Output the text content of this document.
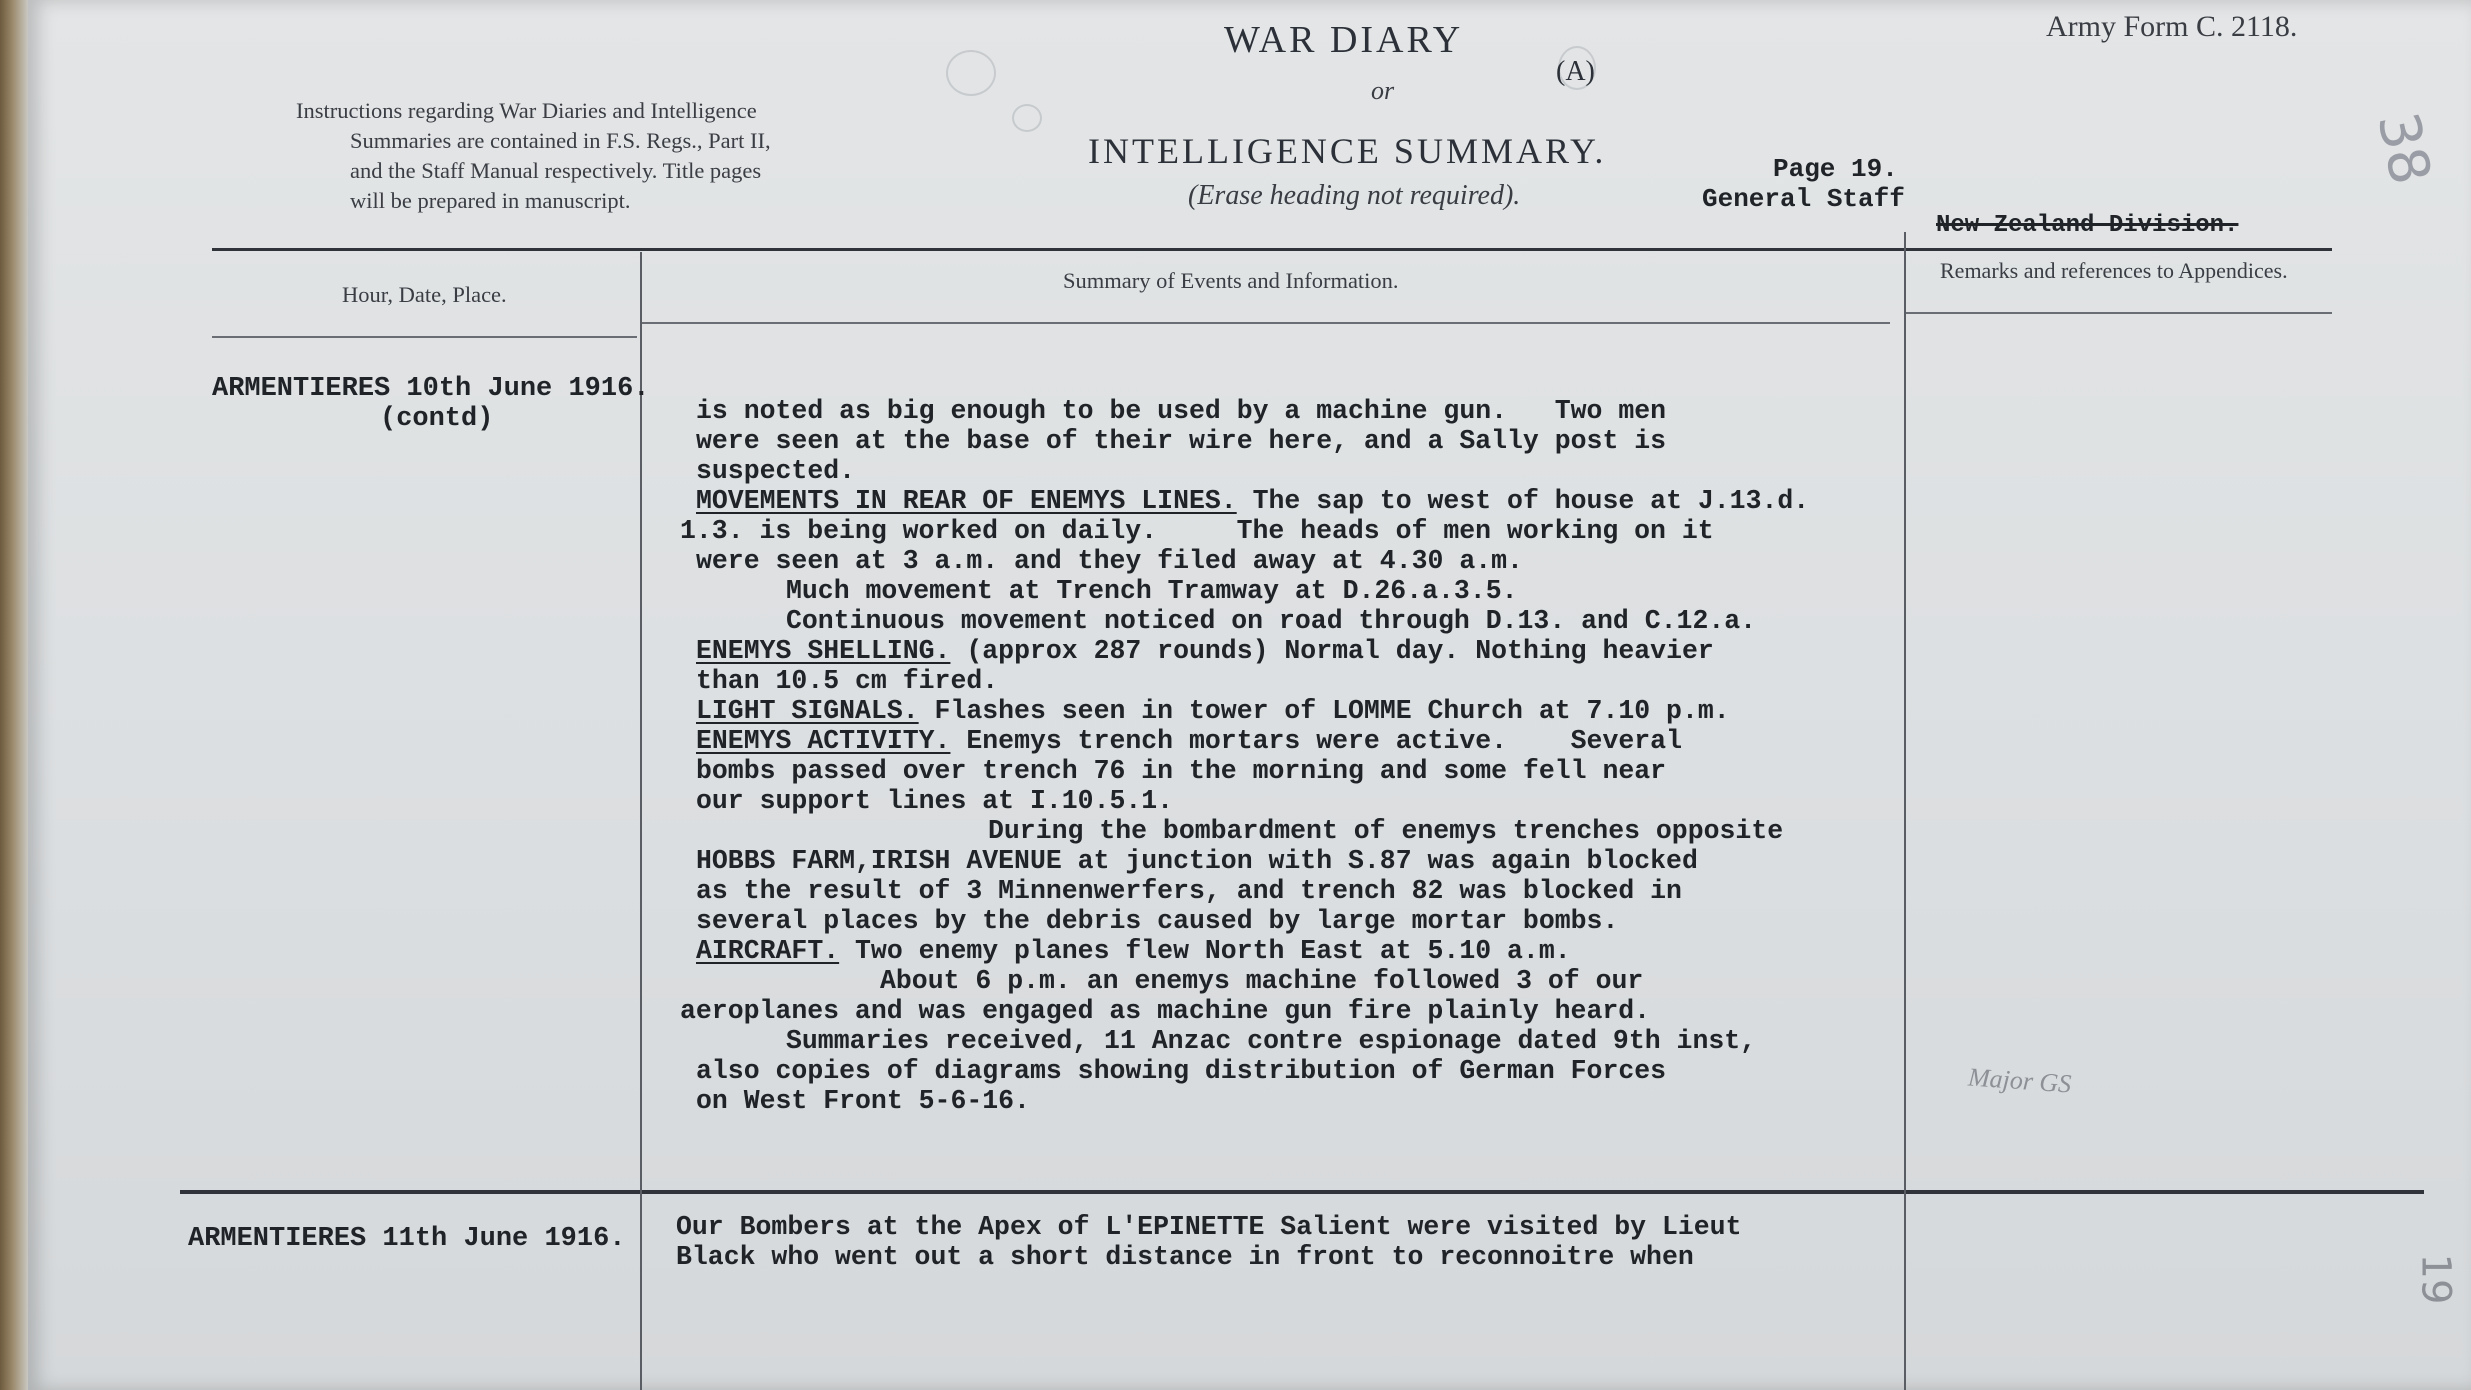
Instructions regarding War Diaries and Intelligence
Summaries are contained in F.S. Regs., Part II,
and the Staff Manual respectively. Title pages
will be prepared in manuscript.
WAR DIARY
or
(A)
INTELLIGENCE SUMMARY.
(Erase heading not required).
Army Form C. 2118.
Page 19.
General Staff
New Zealand Division.
Hour, Date, Place.
Summary of Events and Information.	Remarks and references to Appendices.
ARMENTIERES 10th June 1916.
(contd)	is noted as big enough to be used by a machine gun.   Two men
were seen at the base of their wire here, and a Sally post is
suspected.
MOVEMENTS IN REAR OF ENEMYS LINES. The sap to west of house at J.13.d.
1.3. is being worked on daily.     The heads of men working on it
were seen at 3 a.m. and they filed away at 4.30 a.m.
Much movement at Trench Tramway at D.26.a.3.5.
Continuous movement noticed on road through D.13. and C.12.a.
ENEMYS SHELLING. (approx 287 rounds) Normal day. Nothing heavier
than 10.5 cm fired.
LIGHT SIGNALS. Flashes seen in tower of LOMME Church at 7.10 p.m.
ENEMYS ACTIVITY. Enemys trench mortars were active.    Several
bombs passed over trench 76 in the morning and some fell near
our support lines at I.10.5.1.
During the bombardment of enemys trenches opposite
HOBBS FARM,IRISH AVENUE at junction with S.87 was again blocked
as the result of 3 Minnenwerfers, and trench 82 was blocked in
several places by the debris caused by large mortar bombs.
AIRCRAFT. Two enemy planes flew North East at 5.10 a.m.
About 6 p.m. an enemys machine followed 3 of our
aeroplanes and was engaged as machine gun fire plainly heard.
Summaries received, 11 Anzac contre espionage dated 9th inst,
also copies of diagrams showing distribution of German Forces
on West Front 5-6-16.
Our Bombers at the Apex of L'EPINETTE Salient were visited by Lieut
Black who went out a short distance in front to reconnoitre when
ARMENTIERES 11th June 1916.
Major GS
38
19
